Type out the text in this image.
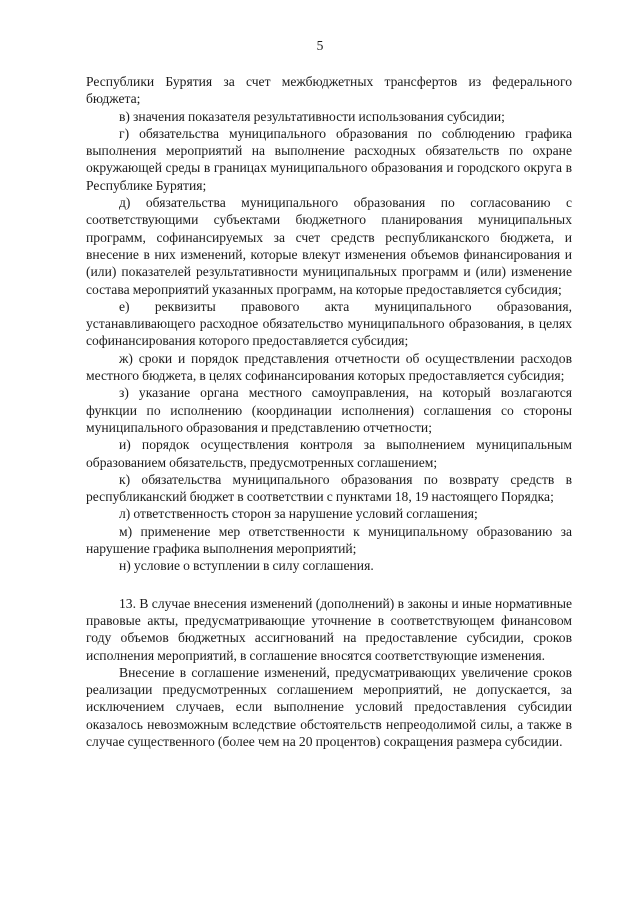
5

Республики Бурятия за счет межбюджетных трансфертов из федерального бюджета;

в) значения показателя результативности использования субсидии;

г) обязательства муниципального образования по соблюдению графика выполнения мероприятий на выполнение расходных обязательств по охране окружающей среды в границах муниципального образования и городского округа в Республике Бурятия;

д) обязательства муниципального образования по согласованию с соответствующими субъектами бюджетного планирования муниципальных программ, софинансируемых за счет средств республиканского бюджета, и внесение в них изменений, которые влекут изменения объемов финансирования и (или) показателей результативности муниципальных программ и (или) изменение состава мероприятий указанных программ, на которые предоставляется субсидия;

е) реквизиты правового акта муниципального образования, устанавливающего расходное обязательство муниципального образования, в целях софинансирования которого предоставляется субсидия;

ж) сроки и порядок представления отчетности об осуществлении расходов местного бюджета, в целях софинансирования которых предоставляется субсидия;

з) указание органа местного самоуправления, на который возлагаются функции по исполнению (координации исполнения) соглашения со стороны муниципального образования и представлению отчетности;

и) порядок осуществления контроля за выполнением муниципальным образованием обязательств, предусмотренных соглашением;

к) обязательства муниципального образования по возврату средств в республиканский бюджет в соответствии с пунктами 18, 19 настоящего Порядка;

л) ответственность сторон за нарушение условий соглашения;

м) применение мер ответственности к муниципальному образованию за нарушение графика выполнения мероприятий;

н) условие о вступлении в силу соглашения.

13. В случае внесения изменений (дополнений) в законы и иные нормативные правовые акты, предусматривающие уточнение в соответствующем финансовом году объемов бюджетных ассигнований на предоставление субсидии, сроков исполнения мероприятий, в соглашение вносятся соответствующие изменения.

Внесение в соглашение изменений, предусматривающих увеличение сроков реализации предусмотренных соглашением мероприятий, не допускается, за исключением случаев, если выполнение условий предоставления субсидии оказалось невозможным вследствие обстоятельств непреодолимой силы, а также в случае существенного (более чем на 20 процентов) сокращения размера субсидии.
